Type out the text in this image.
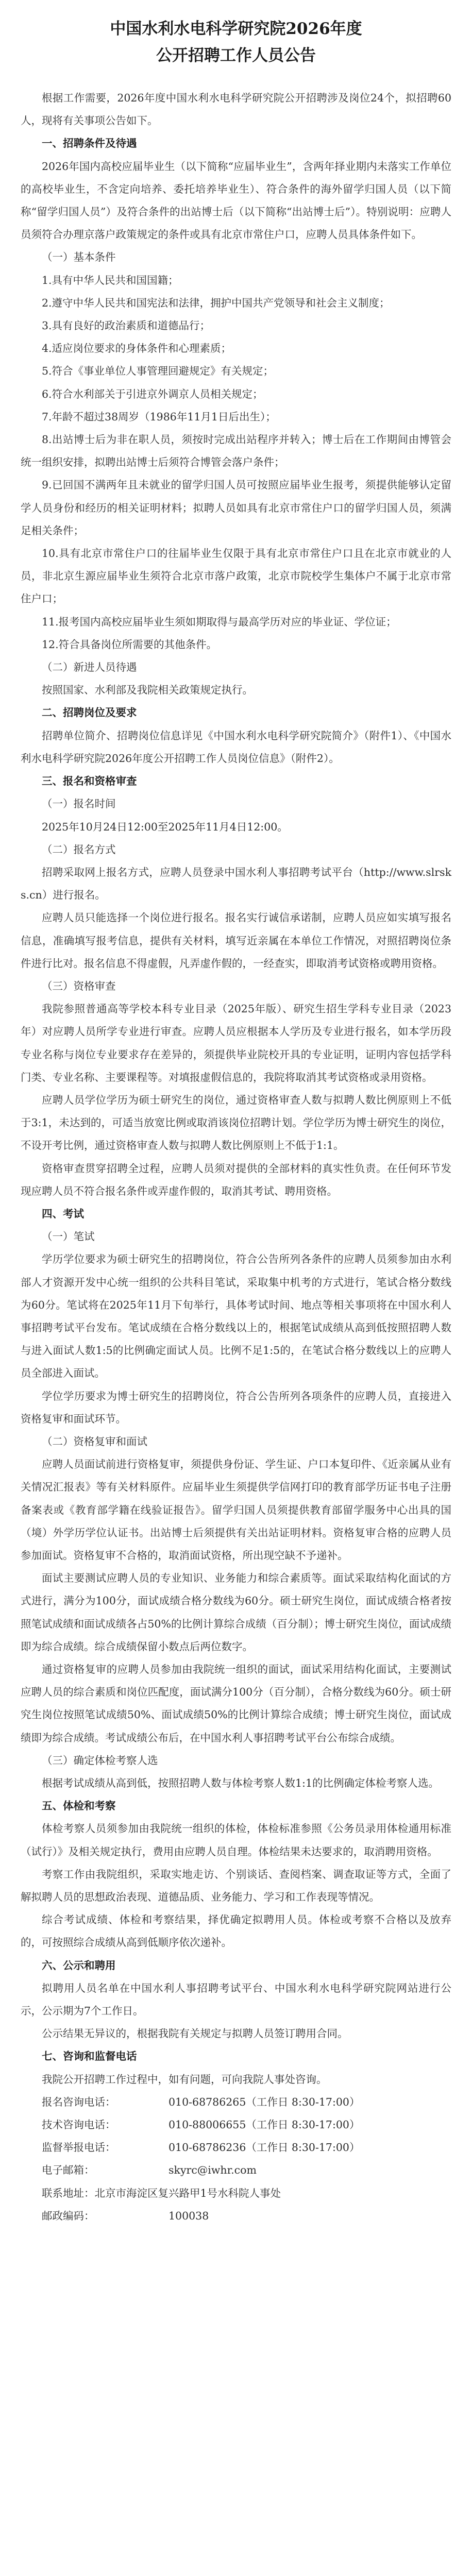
中国水利水电科学研究院2026年度
公开招聘工作人员公告

根据工作需要，2026年度中国水利水电科学研究院公开招聘涉及岗位24个，拟招聘60人，现将有关事项公告如下。

一、招聘条件及待遇

2026年国内高校应届毕业生（以下简称“应届毕业生”，含两年择业期内未落实工作单位的高校毕业生，不含定向培养、委托培养毕业生）、符合条件的海外留学归国人员（以下简称“留学归国人员”）及符合条件的出站博士后（以下简称“出站博士后”）。特别说明：应聘人员须符合办理京落户政策规定的条件或具有北京市常住户口，应聘人员具体条件如下。

（一）基本条件

1.具有中华人民共和国国籍；

2.遵守中华人民共和国宪法和法律，拥护中国共产党领导和社会主义制度；

3.具有良好的政治素质和道德品行；

4.适应岗位要求的身体条件和心理素质；

5.符合《事业单位人事管理回避规定》有关规定；

6.符合水利部关于引进京外调京人员相关规定；

7.年龄不超过38周岁（1986年11月1日后出生）；

8.出站博士后为非在职人员，须按时完成出站程序并转入；博士后在工作期间由博管会统一组织安排，拟聘出站博士后须符合博管会落户条件；

9.已回国不满两年且未就业的留学归国人员可按照应届毕业生报考，须提供能够认定留学人员身份和经历的相关证明材料；拟聘人员如具有北京市常住户口的留学归国人员，须满足相关条件；

10.具有北京市常住户口的往届毕业生仅限于具有北京市常住户口且在北京市就业的人员，非北京生源应届毕业生须符合北京市落户政策，北京市院校学生集体户不属于北京市常住户口；

11.报考国内高校应届毕业生须如期取得与最高学历对应的毕业证、学位证；

12.符合具备岗位所需要的其他条件。

（二）新进人员待遇

按照国家、水利部及我院相关政策规定执行。

二、招聘岗位及要求

招聘单位简介、招聘岗位信息详见《中国水利水电科学研究院简介》（附件1）、《中国水利水电科学研究院2026年度公开招聘工作人员岗位信息》（附件2）。

三、报名和资格审查

（一）报名时间

2025年10月24日12:00至2025年11月4日12:00。

（二）报名方式

招聘采取网上报名方式，应聘人员登录中国水利人事招聘考试平台（http://www.slrsks.cn）进行报名。

应聘人员只能选择一个岗位进行报名。报名实行诚信承诺制，应聘人员应如实填写报名信息，准确填写报考信息，提供有关材料，填写近亲属在本单位工作情况，对照招聘岗位条件进行比对。报名信息不得虚假，凡弄虚作假的，一经查实，即取消考试资格或聘用资格。

（三）资格审查

我院参照普通高等学校本科专业目录（2025年版）、研究生招生学科专业目录（2023年）对应聘人员所学专业进行审查。应聘人员应根据本人学历及专业进行报名，如本学历段专业名称与岗位专业要求存在差异的，须提供毕业院校开具的专业证明，证明内容包括学科门类、专业名称、主要课程等。对填报虚假信息的，我院将取消其考试资格或录用资格。

应聘人员学位学历为硕士研究生的岗位，通过资格审查人数与拟聘人数比例原则上不低于3:1，未达到的，可适当放宽比例或取消该岗位招聘计划。学位学历为博士研究生的岗位，不设开考比例，通过资格审查人数与拟聘人数比例原则上不低于1:1。

资格审查贯穿招聘全过程，应聘人员须对提供的全部材料的真实性负责。在任何环节发现应聘人员不符合报名条件或弄虚作假的，取消其考试、聘用资格。

四、考试

（一）笔试

学历学位要求为硕士研究生的招聘岗位，符合公告所列各条件的应聘人员须参加由水利部人才资源开发中心统一组织的公共科目笔试，采取集中机考的方式进行，笔试合格分数线为60分。笔试将在2025年11月下旬举行，具体考试时间、地点等相关事项将在中国水利人事招聘考试平台发布。笔试成绩在合格分数线以上的，根据笔试成绩从高到低按照招聘人数与进入面试人数1:5的比例确定面试人员。比例不足1:5的，在笔试合格分数线以上的应聘人员全部进入面试。

学位学历要求为博士研究生的招聘岗位，符合公告所列各项条件的应聘人员，直接进入资格复审和面试环节。

（二）资格复审和面试

应聘人员面试前进行资格复审，须提供身份证、学生证、户口本复印件、《近亲属从业有关情况汇报表》等有关材料原件。应届毕业生须提供学信网打印的教育部学历证书电子注册备案表或《教育部学籍在线验证报告》。留学归国人员须提供教育部留学服务中心出具的国（境）外学历学位认证书。出站博士后须提供有关出站证明材料。资格复审合格的应聘人员参加面试。资格复审不合格的，取消面试资格，所出现空缺不予递补。

面试主要测试应聘人员的专业知识、业务能力和综合素质等。面试采取结构化面试的方式进行，满分为100分，面试成绩合格分数线为60分。硕士研究生岗位，面试成绩合格者按照笔试成绩和面试成绩各占50%的比例计算综合成绩（百分制）；博士研究生岗位，面试成绩即为综合成绩。综合成绩保留小数点后两位数字。

通过资格复审的应聘人员参加由我院统一组织的面试，面试采用结构化面试，主要测试应聘人员的综合素质和岗位匹配度，面试满分100分（百分制），合格分数线为60分。硕士研究生岗位按照笔试成绩50%、面试成绩50%的比例计算综合成绩；博士研究生岗位，面试成绩即为综合成绩。考试成绩公布后，在中国水利人事招聘考试平台公布综合成绩。

（三）确定体检考察人选

根据考试成绩从高到低，按照招聘人数与体检考察人数1:1的比例确定体检考察人选。

五、体检和考察

体检考察人员须参加由我院统一组织的体检，体检标准参照《公务员录用体检通用标准（试行）》及相关规定执行，费用由应聘人员自理。体检结果未达要求的，取消聘用资格。

考察工作由我院组织，采取实地走访、个别谈话、查阅档案、调查取证等方式，全面了解拟聘人员的思想政治表现、道德品质、业务能力、学习和工作表现等情况。

综合考试成绩、体检和考察结果，择优确定拟聘用人员。体检或考察不合格以及放弃的，可按照综合成绩从高到低顺序依次递补。

六、公示和聘用

拟聘用人员名单在中国水利人事招聘考试平台、中国水利水电科学研究院网站进行公示，公示期为7个工作日。

公示结果无异议的，根据我院有关规定与拟聘人员签订聘用合同。

七、咨询和监督电话

我院公开招聘工作过程中，如有问题，可向我院人事处咨询。

报名咨询电话：	010-68786265（工作日 8:30-17:00）
技术咨询电话：	010-88006655（工作日 8:30-17:00）
监督举报电话：	010-68786236（工作日 8:30-17:00）
电子邮箱：	skyrc@iwhr.com
联系地址： 北京市海淀区复兴路甲1号水科院人事处
邮政编码：	100038
